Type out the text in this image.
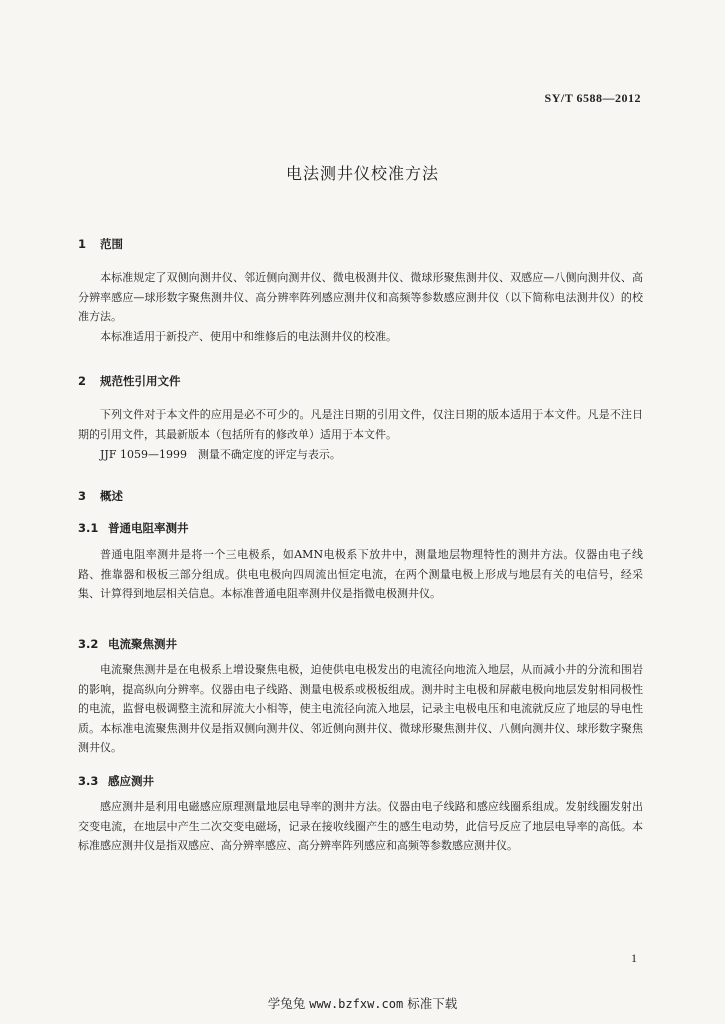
SY/T 6588—2012
电法测井仪校准方法
1 范围

本标准规定了双侧向测井仪、邻近侧向测井仪、微电极测井仪、微球形聚焦测井仪、双感应—八侧向测井仪、高分辨率感应—球形数字聚焦测井仪、高分辨率阵列感应测井仪和高频等参数感应测井仪（以下简称电法测井仪）的校准方法。

本标准适用于新投产、使用中和维修后的电法测井仪的校准。

2 规范性引用文件

下列文件对于本文件的应用是必不可少的。凡是注日期的引用文件，仅注日期的版本适用于本文件。凡是不注日期的引用文件，其最新版本（包括所有的修改单）适用于本文件。

JJF 1059—1999　测量不确定度的评定与表示。

3 概述
3.1 普通电阻率测井

普通电阻率测井是将一个三电极系，如AMN电极系下放井中，测量地层物理特性的测井方法。仪器由电子线路、推靠器和极板三部分组成。供电电极向四周流出恒定电流，在两个测量电极上形成与地层有关的电信号，经采集、计算得到地层相关信息。本标准普通电阻率测井仪是指微电极测井仪。

3.2 电流聚焦测井

电流聚焦测井是在电极系上增设聚焦电极，迫使供电电极发出的电流径向地流入地层，从而减小井的分流和围岩的影响，提高纵向分辨率。仪器由电子线路、测量电极系或极板组成。测井时主电极和屏蔽电极向地层发射相同极性的电流，监督电极调整主流和屏流大小相等，使主电流径向流入地层，记录主电极电压和电流就反应了地层的导电性质。本标准电流聚焦测井仪是指双侧向测井仪、邻近侧向测井仪、微球形聚焦测井仪、八侧向测井仪、球形数字聚焦测井仪。

3.3 感应测井

感应测井是利用电磁感应原理测量地层电导率的测井方法。仪器由电子线路和感应线圈系组成。发射线圈发射出交变电流，在地层中产生二次交变电磁场，记录在接收线圈产生的感生电动势，此信号反应了地层电导率的高低。本标准感应测井仪是指双感应、高分辨率感应、高分辨率阵列感应和高频等参数感应测井仪。

1
学兔兔 www.bzfxw.com 标准下载
